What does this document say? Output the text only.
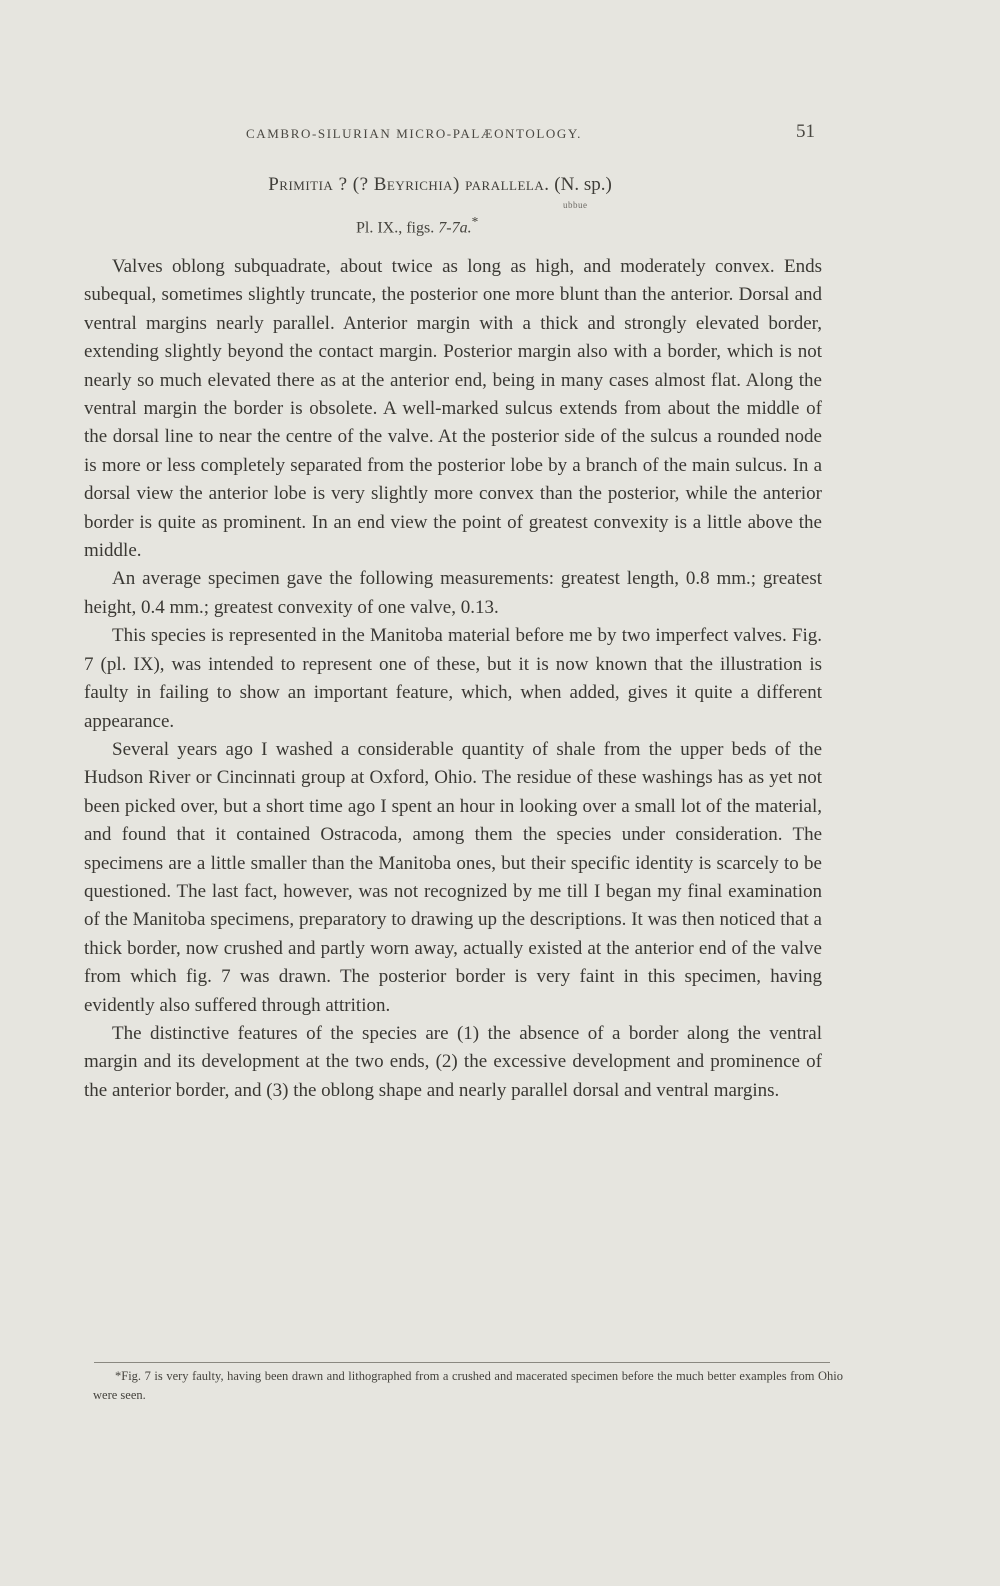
CAMBRO-SILURIAN MICRO-PALÆONTOLOGY.	51
Primitia ? (? Beyrichia) parallela. (N. sp.)
ubbue
Pl. IX., figs. 7-7a.*

Valves oblong subquadrate, about twice as long as high, and moderately convex. Ends subequal, sometimes slightly truncate, the posterior one more blunt than the anterior. Dorsal and ventral margins nearly parallel. Anterior margin with a thick and strongly elevated border, extending slightly beyond the contact margin. Posterior margin also with a border, which is not nearly so much elevated there as at the anterior end, being in many cases almost flat. Along the ventral margin the border is obsolete. A well-marked sulcus extends from about the middle of the dorsal line to near the centre of the valve. At the posterior side of the sulcus a rounded node is more or less completely separated from the posterior lobe by a branch of the main sulcus. In a dorsal view the anterior lobe is very slightly more convex than the posterior, while the anterior border is quite as prominent. In an end view the point of greatest convexity is a little above the middle.

An average specimen gave the following measurements: greatest length, 0.8 mm.; greatest height, 0.4 mm.; greatest convexity of one valve, 0.13.

This species is represented in the Manitoba material before me by two imperfect valves. Fig. 7 (pl. IX), was intended to represent one of these, but it is now known that the illustration is faulty in failing to show an important feature, which, when added, gives it quite a different appearance.

Several years ago I washed a considerable quantity of shale from the upper beds of the Hudson River or Cincinnati group at Oxford, Ohio. The residue of these washings has as yet not been picked over, but a short time ago I spent an hour in looking over a small lot of the material, and found that it contained Ostracoda, among them the species under consideration. The specimens are a little smaller than the Manitoba ones, but their specific identity is scarcely to be questioned. The last fact, however, was not recognized by me till I began my final examination of the Manitoba specimens, preparatory to drawing up the descriptions. It was then noticed that a thick border, now crushed and partly worn away, actually existed at the anterior end of the valve from which fig. 7 was drawn. The posterior border is very faint in this specimen, having evidently also suffered through attrition.

The distinctive features of the species are (1) the absence of a border along the ventral margin and its development at the two ends, (2) the excessive development and prominence of the anterior border, and (3) the oblong shape and nearly parallel dorsal and ventral margins.

*Fig. 7 is very faulty, having been drawn and lithographed from a crushed and macerated specimen before the much better examples from Ohio were seen.
